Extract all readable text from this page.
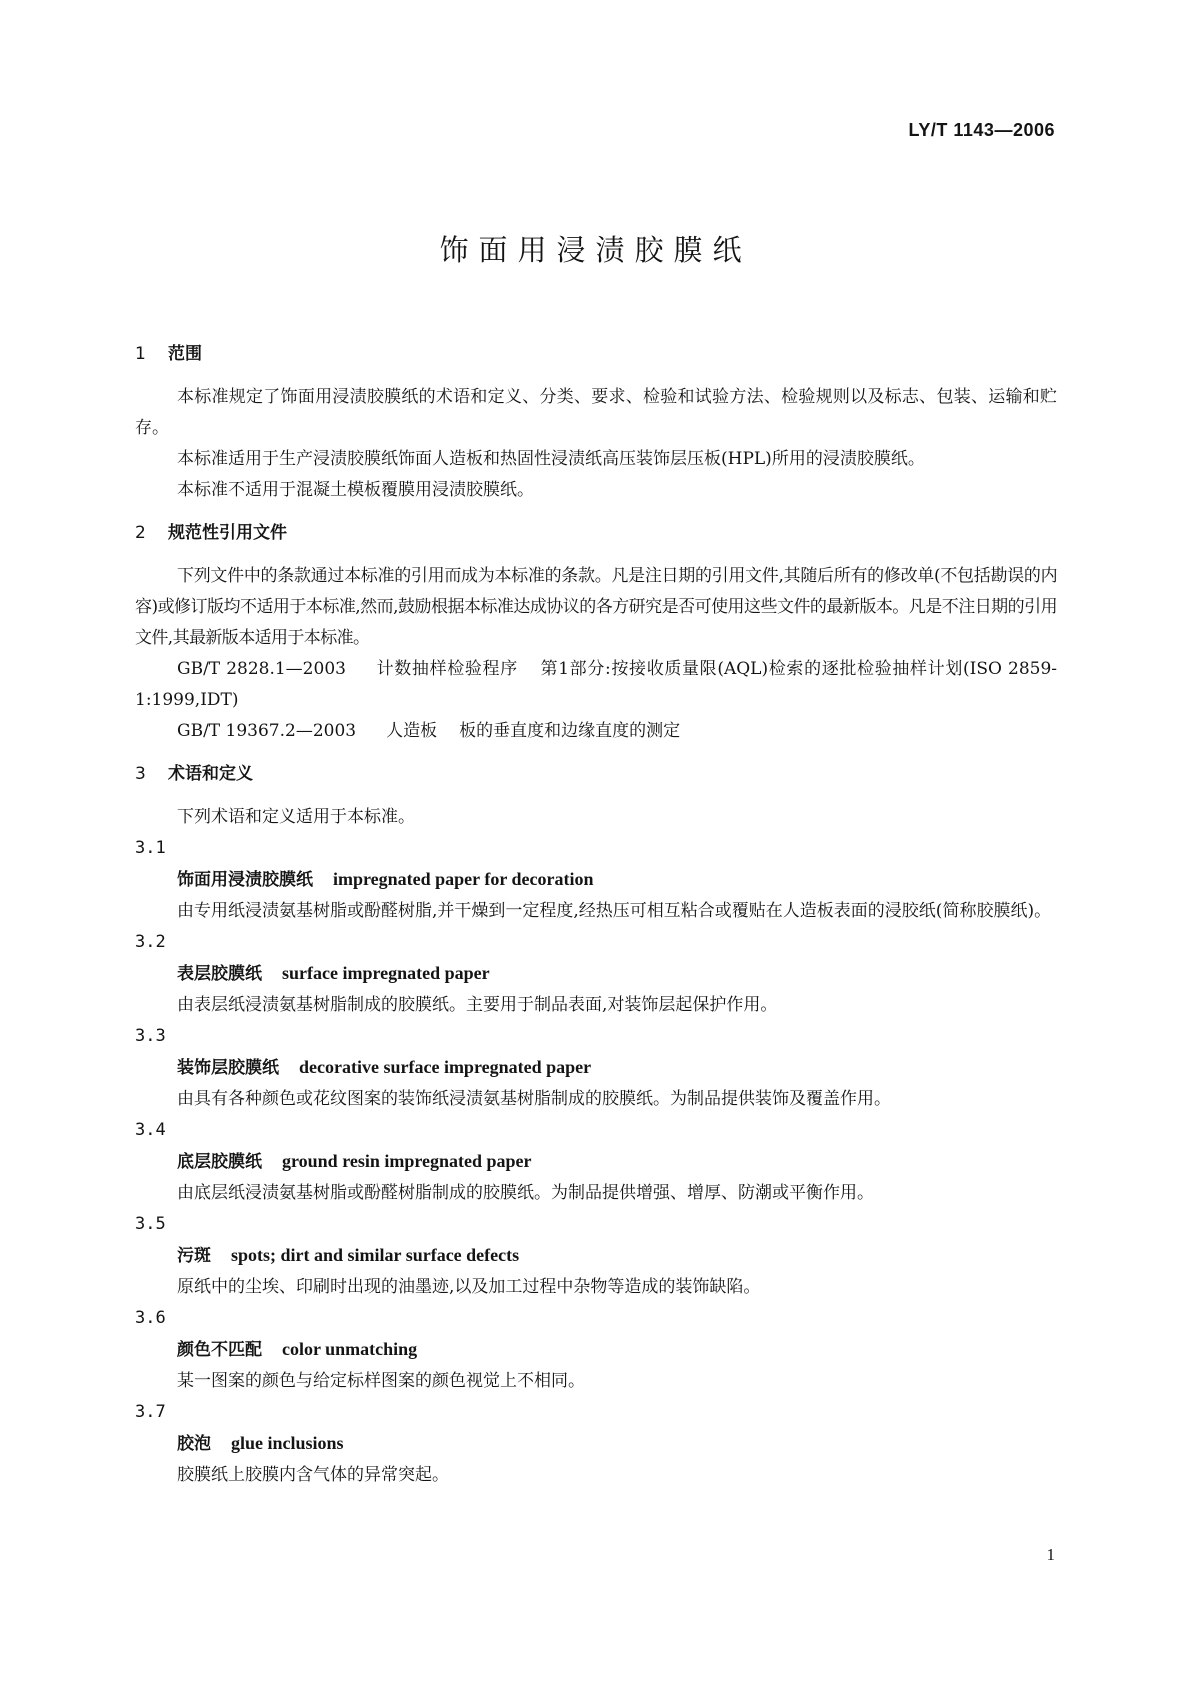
LY/T 1143—2006
饰面用浸渍胶膜纸
1 范围

本标准规定了饰面用浸渍胶膜纸的术语和定义、分类、要求、检验和试验方法、检验规则以及标志、包装、运输和贮存。

本标准适用于生产浸渍胶膜纸饰面人造板和热固性浸渍纸高压装饰层压板(HPL)所用的浸渍胶膜纸。

本标准不适用于混凝土模板覆膜用浸渍胶膜纸。

2 规范性引用文件

下列文件中的条款通过本标准的引用而成为本标准的条款。凡是注日期的引用文件,其随后所有的修改单(不包括勘误的内容)或修订版均不适用于本标准,然而,鼓励根据本标准达成协议的各方研究是否可使用这些文件的最新版本。凡是不注日期的引用文件,其最新版本适用于本标准。

GB/T 2828.1—2003 计数抽样检验程序 第1部分:按接收质量限(AQL)检索的逐批检验抽样计划(ISO 2859-1:1999,IDT)

GB/T 19367.2—2003 人造板 板的垂直度和边缘直度的测定

3 术语和定义

下列术语和定义适用于本标准。

3.1
饰面用浸渍胶膜纸 impregnated paper for decoration

由专用纸浸渍氨基树脂或酚醛树脂,并干燥到一定程度,经热压可相互粘合或覆贴在人造板表面的浸胶纸(简称胶膜纸)。

3.2
表层胶膜纸 surface impregnated paper

由表层纸浸渍氨基树脂制成的胶膜纸。主要用于制品表面,对装饰层起保护作用。

3.3
装饰层胶膜纸 decorative surface impregnated paper

由具有各种颜色或花纹图案的装饰纸浸渍氨基树脂制成的胶膜纸。为制品提供装饰及覆盖作用。

3.4
底层胶膜纸 ground resin impregnated paper

由底层纸浸渍氨基树脂或酚醛树脂制成的胶膜纸。为制品提供增强、增厚、防潮或平衡作用。

3.5
污斑 spots; dirt and similar surface defects

原纸中的尘埃、印刷时出现的油墨迹,以及加工过程中杂物等造成的装饰缺陷。

3.6
颜色不匹配 color unmatching

某一图案的颜色与给定标样图案的颜色视觉上不相同。

3.7
胶泡 glue inclusions

胶膜纸上胶膜内含气体的异常突起。

1
